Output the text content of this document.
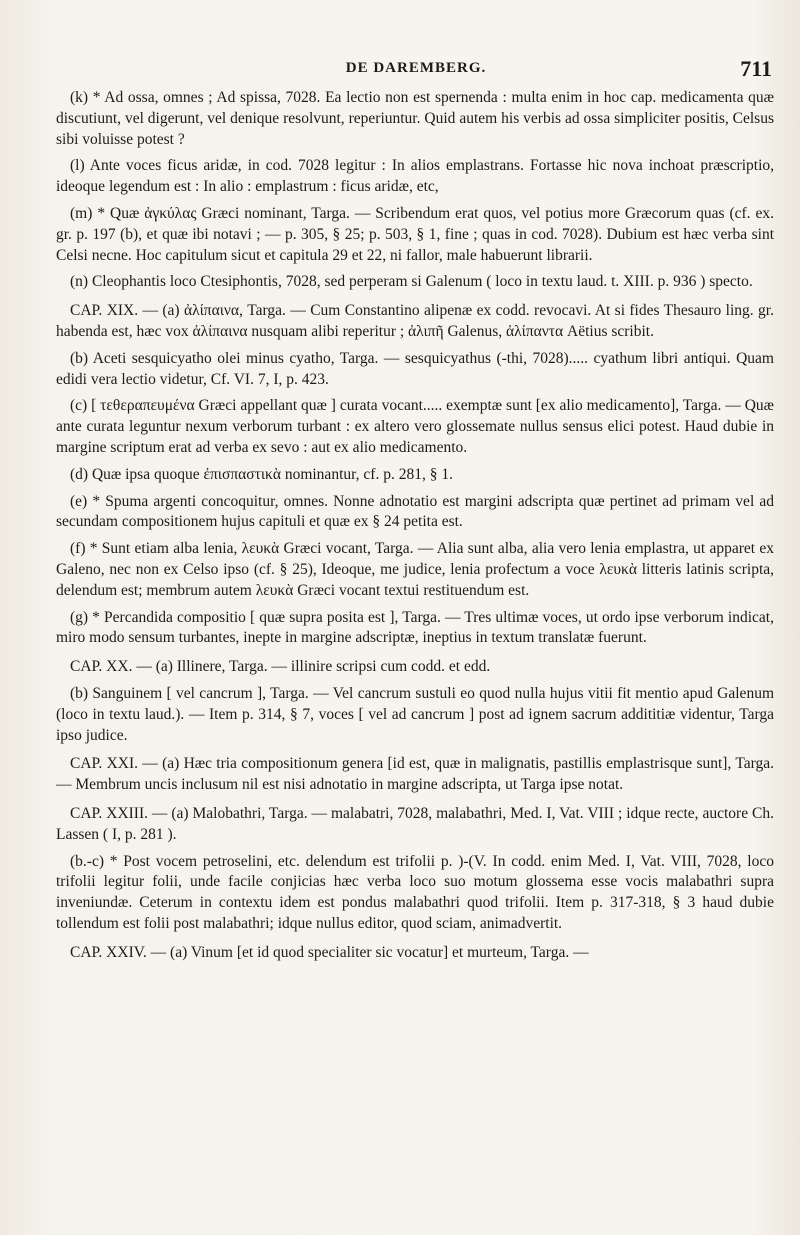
DE DAREMBERG.	711

(k) * Ad ossa, omnes ; Ad spissa, 7028. Ea lectio non est spernenda : multa enim in hoc cap. medicamenta quæ discutiunt, vel digerunt, vel denique resolvunt, reperiuntur. Quid autem his verbis ad ossa simpliciter positis, Celsus sibi voluisse potest ?

(l) Ante voces ficus aridæ, in cod. 7028 legitur : In alios emplastrans. Fortasse hic nova inchoat præscriptio, ideoque legendum est : In alio : emplastrum : ficus aridæ, etc,

(m) * Quæ ἀγκύλας Græci nominant, Targa. — Scribendum erat quos, vel potius more Græcorum quas (cf. ex. gr. p. 197 (b), et quæ ibi notavi ; — p. 305, § 25; p. 503, § 1, fine ; quas in cod. 7028). Dubium est hæc verba sint Celsi necne. Hoc capitulum sicut et capitula 29 et 22, ni fallor, male habuerunt librarii.

(n) Cleophantis loco Ctesiphontis, 7028, sed perperam si Galenum ( loco in textu laud. t. XIII. p. 936 ) specto.

CAP. XIX. — (a) ἀλίπαινα, Targa. — Cum Constantino alipenæ ex codd. revocavi. At si fides Thesauro ling. gr. habenda est, hæc vox ἀλίπαινα nusquam alibi reperitur ; ἀλιπῆ Galenus, ἀλίπαντα Aëtius scribit.

(b) Aceti sesquicyatho olei minus cyatho, Targa. — sesquicyathus (-thi, 7028)..... cyathum libri antiqui. Quam edidi vera lectio videtur, Cf. VI. 7, I, p. 423.

(c) [ τεθεραπευμένα Græci appellant quæ ] curata vocant..... exemptæ sunt [ex alio medicamento], Targa. — Quæ ante curata leguntur nexum verborum turbant : ex altero vero glossemate nullus sensus elici potest. Haud dubie in margine scriptum erat ad verba ex sevo : aut ex alio medicamento.

(d) Quæ ipsa quoque ἐπισπαστικὰ nominantur, cf. p. 281, § 1.

(e) * Spuma argenti concoquitur, omnes. Nonne adnotatio est margini adscripta quæ pertinet ad primam vel ad secundam compositionem hujus capituli et quæ ex § 24 petita est.

(f) * Sunt etiam alba lenia, λευκὰ Græci vocant, Targa. — Alia sunt alba, alia vero lenia emplastra, ut apparet ex Galeno, nec non ex Celso ipso (cf. § 25), Ideoque, me judice, lenia profectum a voce λευκὰ litteris latinis scripta, delendum est; membrum autem λευκὰ Græci vocant textui restituendum est.

(g) * Percandida compositio [ quæ supra posita est ], Targa. — Tres ultimæ voces, ut ordo ipse verborum indicat, miro modo sensum turbantes, inepte in margine adscriptæ, ineptius in textum translatæ fuerunt.

CAP. XX. — (a) Illinere, Targa. — illinire scripsi cum codd. et edd.

(b) Sanguinem [ vel cancrum ], Targa. — Vel cancrum sustuli eo quod nulla hujus vitii fit mentio apud Galenum (loco in textu laud.). — Item p. 314, § 7, voces [ vel ad cancrum ] post ad ignem sacrum addititiæ videntur, Targa ipso judice.

CAP. XXI. — (a) Hæc tria compositionum genera [id est, quæ in malignatis, pastillis emplastrisque sunt], Targa. — Membrum uncis inclusum nil est nisi adnotatio in margine adscripta, ut Targa ipse notat.

CAP. XXIII. — (a) Malobathri, Targa. — malabatri, 7028, malabathri, Med. I, Vat. VIII ; idque recte, auctore Ch. Lassen ( I, p. 281 ).

(b.-c) * Post vocem petroselini, etc. delendum est trifolii p. )-(V. In codd. enim Med. I, Vat. VIII, 7028, loco trifolii legitur folii, unde facile conjicias hæc verba loco suo motum glossema esse vocis malabathri supra inveniundæ. Ceterum in contextu idem est pondus malabathri quod trifolii. Item p. 317-318, § 3 haud dubie tollendum est folii post malabathri; idque nullus editor, quod sciam, animadvertit.

CAP. XXIV. — (a) Vinum [et id quod specialiter sic vocatur] et murteum, Targa. —
